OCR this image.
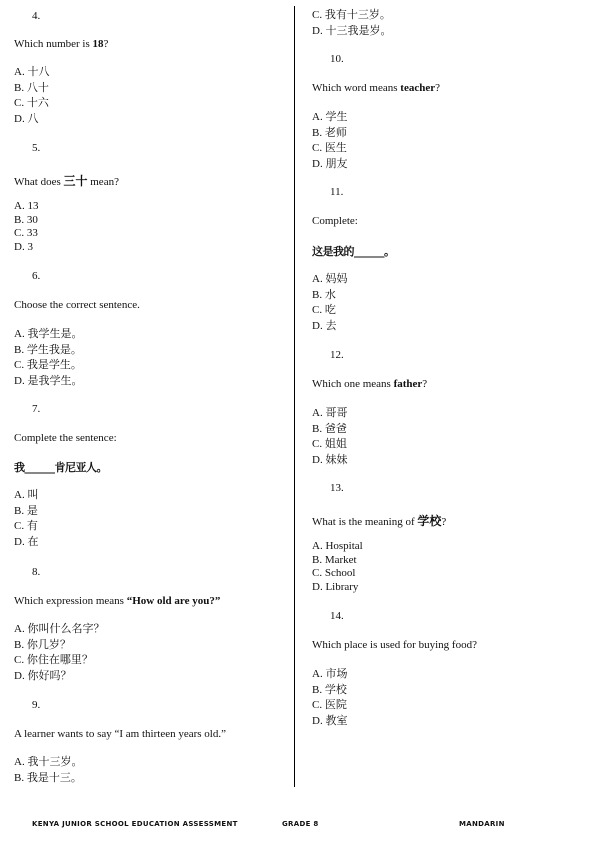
4.
Which number is 18?
A. 十八
B. 八十
C. 十六
D. 八
5.
What does 三十 mean?
A. 13
B. 30
C. 33
D. 3
6.
Choose the correct sentence.
A. 我学生是。
B. 学生我是。
C. 我是学生。
D. 是我学生。
7.
Complete the sentence:
我______肯尼亚人。
A. 叫
B. 是
C. 有
D. 在
8.
Which expression means “How old are you?”
A. 你叫什么名字？
B. 你几岁？
C. 你住在哪里？
D. 你好吗？
9.
A learner wants to say “I am thirteen years old.”
A. 我十三岁。
B. 我是十三。
C. 我有十三岁。
D. 十三我是岁。
10.
Which word means teacher?
A. 学生
B. 老师
C. 医生
D. 朋友
11.
Complete:
这是我的______。
A. 妈妈
B. 水
C. 吃
D. 去
12.
Which one means father?
A. 哥哥
B. 爸爸
C. 姐姐
D. 妹妹
13.
What is the meaning of 学校?
A. Hospital
B. Market
C. School
D. Library
14.
Which place is used for buying food?
A. 市场
B. 学校
C. 医院
D. 教室
KENYA JUNIOR SCHOOL EDUCATION ASSESSMENT	GRADE 8	MANDARIN
